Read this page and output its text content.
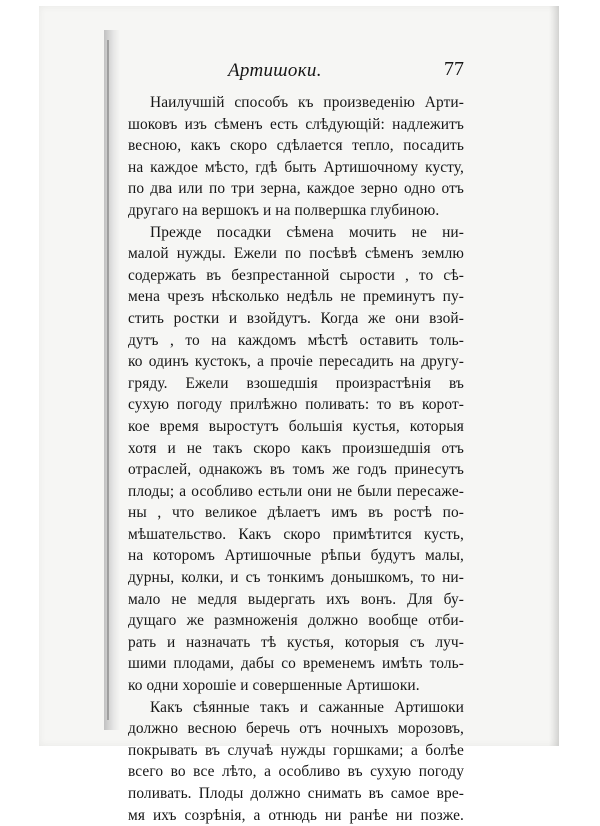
Артишоки.	77
Наилучшій способъ къ произведенію Арти-
шоковъ изъ сѣменъ есть слѣдующій: надлежитъ
весною, какъ скоро сдѣлается тепло, посадить
на каждое мѣсто, гдѣ быть Артишочному кусту,
по два или по три зерна, каждое зерно одно отъ
другаго на вершокъ и на полвершка глубиною.
Прежде посадки сѣмена мочить не ни-
малой нужды. Ежели по посѣвѣ сѣменъ землю
содержать въ безпрестанной сырости , то сѣ-
мена чрезъ нѣсколько недѣль не преминутъ пу-
стить ростки и взойдутъ. Когда же они взой-
дутъ , то на каждомъ мѣстѣ оставить толь-
ко одинъ кустокъ, а прочіе пересадить на другу-
гряду. Ежели взошедшія произрастѣнія въ
сухую погоду прилѣжно поливать: то въ корот-
кое время выростутъ большія кустья, которыя
хотя и не такъ скоро какъ произшедшія отъ
отраслей, однакожъ въ томъ же годъ принесутъ
плоды; а особливо естьли они не были пересаже-
ны , что великое дѣлаетъ имъ въ ростѣ по-
мѣшательство. Какъ скоро примѣтится кусть,
на которомъ Артишочные рѣпьи будутъ малы,
дурны, колки, и съ тонкимъ донышкомъ, то ни-
мало не медля выдергать ихъ вонъ. Для бу-
дущаго же размноженія должно вообще отби-
рать и назначать тѣ кустья, которыя съ луч-
шими плодами, дабы со временемъ имѣть толь-
ко одни хорошіе и совершенные Артишоки.
Какъ сѣянные такъ и сажанные Артишоки
должно весною беречь отъ ночныхъ морозовъ,
покрывать въ случаѣ нужды горшками; а болѣе
всего во все лѣто, а особливо въ сухую погоду
поливать. Плоды должно снимать въ самое вре-
мя ихъ созрѣнія, а отнюдь ни ранѣе ни позже.
